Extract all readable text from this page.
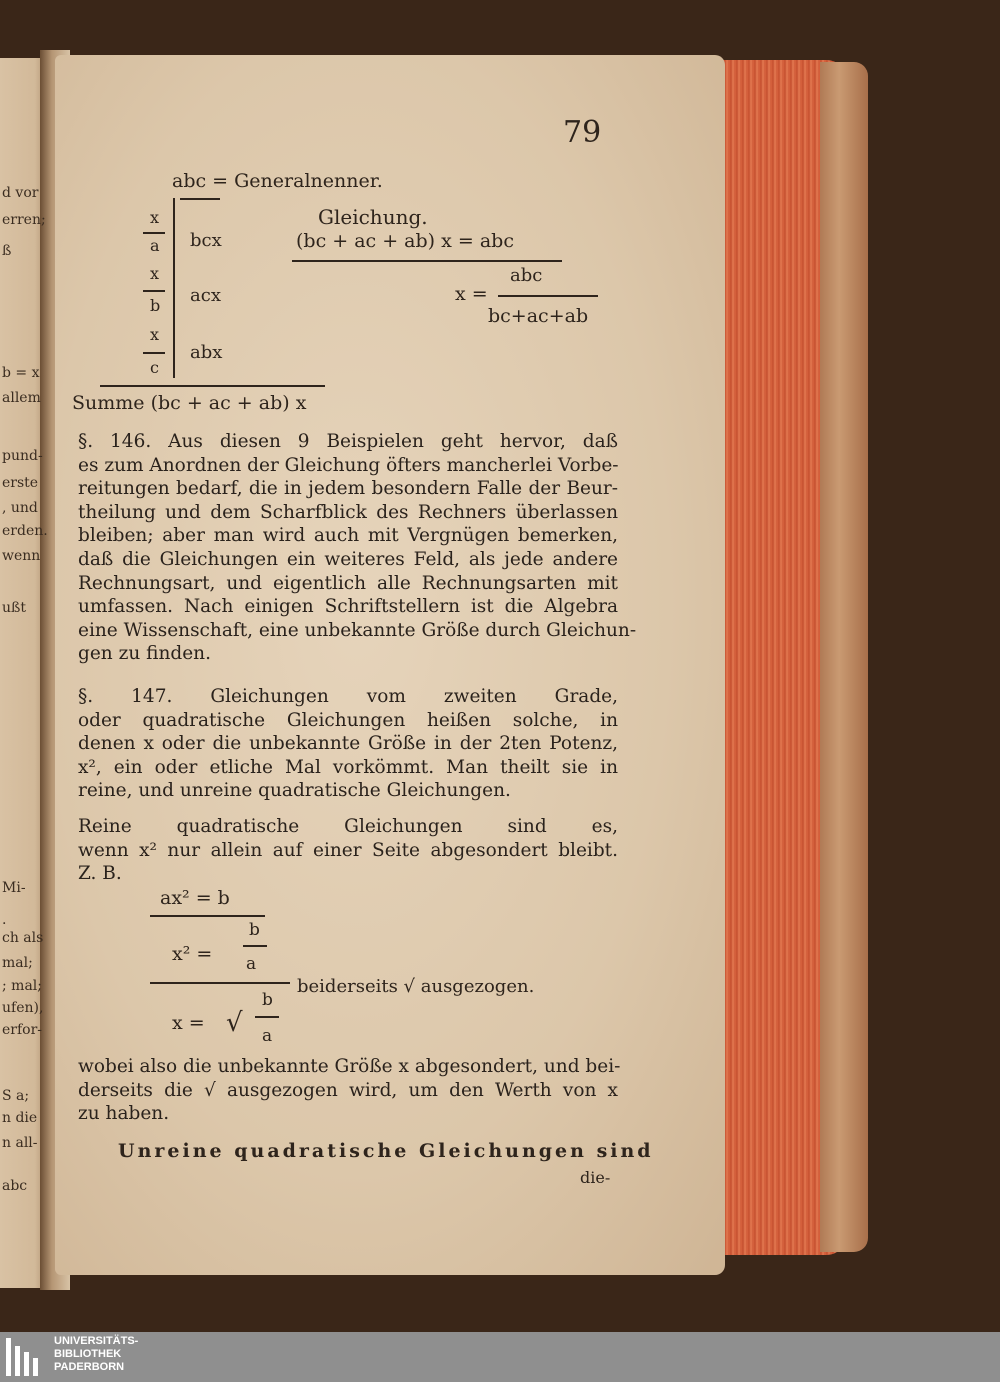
d vor
erren;
ß
b = x
allem
pund-
erste
, und
erden.
wenn
ußt
Mi-
.
ch als
mal;
; mal;
ufen),
erfor-
S a;
n die
n all-
abc
79
abc = Generalnenner.
x
a bcx
x
b acx
x
c
abx
Summe (bc + ac + ab) x
Gleichung.
(bc + ac + ab) x = abc
abc
x =
bc+ac+ab
§. 146. Aus diesen 9 Beispielen geht hervor, daß
es zum Anordnen der Gleichung öfters mancherlei Vorbe-
reitungen bedarf, die in jedem besondern Falle der Beur-
theilung und dem Scharfblick des Rechners überlassen
bleiben; aber man wird auch mit Vergnügen bemerken,
daß die Gleichungen ein weiteres Feld, als jede andere
Rechnungsart, und eigentlich alle Rechnungsarten mit
umfassen. Nach einigen Schriftstellern ist die Algebra
eine Wissenschaft, eine unbekannte Größe durch Gleichun-
gen zu finden.
§. 147. Gleichungen vom zweiten Grade,
oder quadratische Gleichungen heißen solche, in
denen x oder die unbekannte Größe in der 2ten Potenz,
x², ein oder etliche Mal vorkömmt. Man theilt sie in
reine, und unreine quadratische Gleichungen.
Reine quadratische Gleichungen sind es,
wenn x² nur allein auf einer Seite abgesondert bleibt.
Z. B.
ax² = b
x² =
b
a
beiderseits √ ausgezogen.
x = √
b
a
wobei also die unbekannte Größe x abgesondert, und bei-
derseits die √ ausgezogen wird, um den Werth von x
zu haben.
Unreine quadratische Gleichungen sind
die-
UNIVERSITÄTS-
BIBLIOTHEK
PADERBORN
